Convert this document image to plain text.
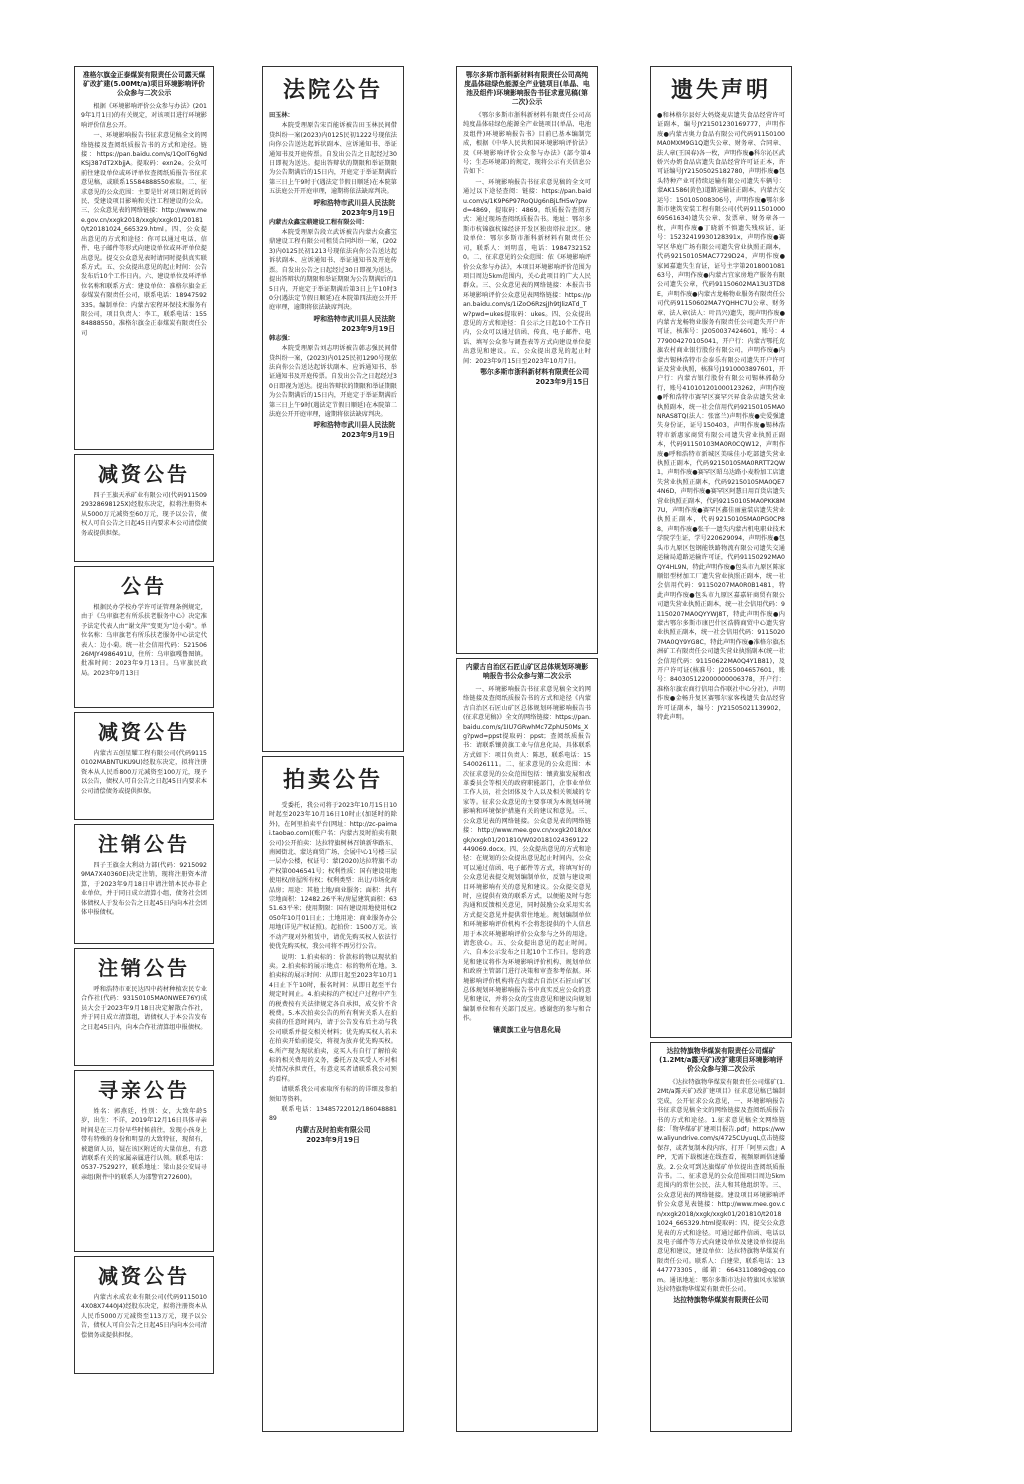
准格尔旗金正泰煤炭有限责任公司露天煤矿改扩建(5.00Mt/a)项目环境影响评价公众参与二次公示

根据《环境影响评价公众参与办法》(2019年1月1日)的有关规定，对该项目进行环境影响评价信息公开。

一、环境影响报告书征求意见稿全文的网络链接及查阅纸质报告书的方式和途径。链接：https://pan.baidu.com/s/1QoIT6gNdKSj387dT2XbjjA。提取码：exn2e。公众可前往建设单位或环评单位查阅纸质报告书征求意见稿，或联系15584888550索取。二、征求意见的公众范围：主要是针对项目附近的居民、受建设项目影响和关注工程建设的公众。三、公众意见表的网络链接：http://www.mee.gov.cn/xxgk2018/xxgk/xxgk01/201810/t20181024_665329.html。四、公众提出意见的方式和途径：你可以通过电话、信件、电子邮件等形式向建设单位或环评单位提出意见。提交公众意见表时请同时提供真实联系方式。五、公众提出意见的起止时间：公告发布后10个工作日内。六、建设单位及环评单位名称和联系方式：建设单位：准格尔旗金正泰煤炭有限责任公司，联系电话：18947592335。编制单位：内蒙古宏程环保技术服务有限公司，项目负责人：李工，联系电话：15584888550。准格尔旗金正泰煤炭有限责任公司

减资公告

四子王旗天承矿业有限公司(代码91150929328698125X)经股东决定，拟将注册资本从5000万元减资至60万元，现予以公告，债权人可自公告之日起45日内要求本公司清偿债务或提供担保。

公告

根据民办学校办学许可证管理条例规定，由于《乌审旗老有所乐扶老服务中心》决定准予法定代表人由“谢文萍”变更为“边小菊”。单位名称：乌审旗老有所乐扶老服务中心法定代表人：边小菊。统一社会信用代码：52150626MJY4986491U，住所：乌审旗嘎鲁图镇。批准时间：2023年9月13日。乌审旗民政局。2023年9月13日

减资公告

内蒙古五创星耀工程有限公司(代码91150102MABNTUKU9U)经股东决定，拟将注册资本从人民币800万元减资至100万元，现予以公告，债权人可自公告之日起45日内要求本公司清偿债务或提供担保。

注销公告

四子王旗金大利动力部(代码：92150929MA7X40360E)决定注销，现将注册资本清算，于2023年9月18日申请注销本民办非企业单位，并于同日成立清算小组，债务社会团体债权人于发布公告之日起45日内向本社会团体申报债权。

注销公告

呼和浩特市亚民达四中药材种植农民专业合作社(代码：93150105MA0NWEE76Y)成员大会于2023年9月18日决定解散合作社，并于同日成立清算组，请债权人于本公告发布之日起45日内，向本合作社清算组申报债权。

寻亲公告

姓名：郭燕廷，性别：女，大致年龄5岁，出生：不详，2019年12月16日具体寻亲时间是在三月份早些时候前往，发现小孩身上带有特殊的身份和明显的大致特征，现留有，被遗留人员，疑在该区附近的大量信息，有意请联系有关的家属亲属进行认领。联系电话：0537-75292??，联系地址：梁山县公安局寻亲组(附件中的联系人为邵警官272600)。

减资公告

内蒙古永成农业有限公司(代码91150104X08X7440J4)经股东决定，拟将注册资本从人民币5000万元减资至113万元，现予以公告，债权人可自公告之日起45日内向本公司清偿债务或提供担保。

法院公告

田玉林：

本院受理原告宋百能诉被告田玉林民间借贷纠纷一案(2023)内0125民初1222号现依法向你公告送达起诉状副本、应诉通知书、举证通知书及开庭传票。自发出公告之日起经过30日即视为送达。提出答辩状的期限和举证期限为公告期满后的15日内，开庭定于举证期满后第三日上午9时于(遇法定节假日顺延)在本院第五法庭公开开庭审理，逾期将依法缺席判决。

呼和浩特市武川县人民法院
2023年9月19日

内蒙古众鑫宝鼎建设工程有限公司：

本院受理原告段立武诉被告内蒙古众鑫宝鼎建设工程有限公司租赁合同纠纷一案，(2023)内0125民初1213号现依法向你公告送达起诉状副本、应诉通知书、举证通知书及开庭传票。自发出公告之日起经过30日即视为送达。提出答辩状的期限和举证期限为公告期满后的15日内，开庭定于举证期满后第3日上午10时30分(遇法定节假日顺延)在本院第四法庭公开开庭审理，逾期将依法缺席判决。

呼和浩特市武川县人民法院
2023年9月19日

韩志强：

本院受理原告刘志明诉被告韩志强民间借贷纠纷一案，(2023)内0125民初1290号现依法向你公告送达起诉状副本、应诉通知书、举证通知书及开庭传票。自发出公告之日起经过30日即视为送达。提出答辩状的期限和举证期限为公告期满后的15日内，开庭定于举证期满后第三日上午9时(遇法定节假日顺延)在本院第二法庭公开开庭审理，逾期将依法缺席判决。

呼和浩特市武川县人民法院
2023年9月19日
拍卖公告

受委托，我公司将于2023年10月15日10时起至2023年10月16日10时止(加延时的除外)，在阿里拍卖平台(网址：http://zc-paimai.taobao.com)(账户名：内蒙古及时拍卖有限公司)公开拍卖：达拉特旗树林召镇新华路东、南园街北、蒙达商贸广场、会展中心1号楼三层一层办公楼，权证号：蒙(2020)达拉特旗不动产权第0046541号；权利性质：国有建设用地使用权/房屋所有权；权利类型：出让/市场化商品房；用途：其他土地/商业服务；面积：共有宗地面积：12482.26平米/房屋建筑面积：6351.63平米；使用期限：国有建设用地使用权2050年10月01日止；土地用途：商业服务办公用地(详见产权证照)。起拍价：1500万元。该不动产现对外租赁中，请优先购买权人依法行使优先购买权，我公司将不再另行公告。

说明：1.拍卖标的：价款标的物以现状拍卖。2.拍卖标的展示地点：标的物所在地。3.拍卖标的展示时间：从即日起至2023年10月14日止下午10时，报名时间：从即日起至平台规定时间止。4.拍卖标的产权过户过程中产生的税费按有关法律规定各自承担，成交价不含税费。5.本次拍卖公告的所有利害关系人在拍卖前的任意时间内，请于公告发布后主动与我公司联系并提交相关材料；优先购买权人若未在拍卖开始前提交，将视为放弃优先购买权。6.所产现为现状拍卖，竞买人有自行了解拍卖标的相关费用的义务，委托方及买受人不对相关情况承担责任，有意竞买者请联系我公司预约看样。

请联系我公司索取所有标的的详细及参拍须知等资料。

联系电话：13485722012/18604888189

内蒙古及时拍卖有限公司
2023年9月19日
鄂尔多斯市浙科新材料有限责任公司高纯度晶体硅绿色能源全产业链项目(单晶、电池及组件)环境影响报告书征求意见稿(第二次)公示

《鄂尔多斯市浙科新材料有限责任公司高纯度晶体硅绿色能源全产业链项目(单晶、电池及组件)环境影响报告书》目前已基本编制完成，根据《中华人民共和国环境影响评价法》及《环境影响评价公众参与办法》(部令第4号；生态环境部)的规定，现将公示有关信息公告如下：

一、环境影响报告书征求意见稿的全文可通过以下途径查阅：链接：https://pan.baidu.com/s/1K9P6P97RoQUg6nBjLfH5w?pwd=4869，提取码：4869。纸质报告查阅方式：通过现场查阅纸质报告书。地址：鄂尔多斯市杭锦旗杭锦经济开发区独贵塔拉北区。建设单位：鄂尔多斯市浙科新材料有限责任公司，联系人：刘明喜，电话：19847321520。二、征求意见的公众范围：依《环境影响评价公众参与办法》，本项目环境影响评价范围为项目周边5km范围内，关心此项目的广大人民群众。三、公众意见表的网络链接：本报告书环境影响评价公众意见表网络链接：https://pan.baidu.com/s/1iZoO6RzsjJh9tJlizATd_Tw?pwd=ukes提取码：ukes。四、公众提出意见的方式和途径：自公示之日起10个工作日内，公众可以通过信函、传真、电子邮件、电话、填写公众参与调查表等方式向建设单位提出意见和建议。五、公众提出意见的起止时间：2023年9月15日至2023年10月7日。

鄂尔多斯市浙科新材料有限责任公司
2023年9月15日
内蒙古自治区石匠山矿区总体规划环境影响报告书公众参与第二次公示

一、环境影响报告书征求意见稿全文的网络链接及查阅纸质报告书的方式和途径《内蒙古自治区石匠山矿区总体规划环境影响报告书(征求意见稿)》全文的网络链接：https://pan.baidu.com/s/1IU7GRwhMc7ZphU50Ms_Xg?pwd=ppst提取码：ppst；查阅纸质报告书：请联系镶黄旗工业与信息化局，具体联系方式如下：项目负责人：陈思，联系电话：15540026111。二、征求意见的公众范围：本次征求意见的公众范围包括：镶黄旗发展和改革委员会等相关的政府职能部门，企事业单位工作人员，社会团体及个人以及相关领域的专家等。征求公众意见的主要事项为本规划环境影响和环境保护措施有关的建议和意见。三、公众意见表的网络链接。公众意见表的网络链接：http://www.mee.gov.cn/xxgk2018/xxgk/xxgk01/201810/W020181024369122449069.docx。四、公众提出意见的方式和途径：在规划的公众提出意见起止时间内，公众可以通过信函、电子邮件等方式，将填写好的公众意见表提交规划编制单位，反馈与建设项目环境影响有关的意见和建议。公众提交意见时，应提供有效的联系方式，以便能及时与您沟通和反馈相关意见，同时鼓励公众采用实名方式提交意见并提供常住地址。规划编制单位和环境影响评价机构不会将您提供的个人信息用于本次环境影响评价公众参与之外的用途。请您放心。五、公众提出意见的起止时间。六、自本公示发布之日起10个工作日。您的意见和建议将作为环境影响评价机构、规划单位和政府主管部门进行决策和审查参考依据。环境影响评价机构将在内蒙古自治区石匠山矿区总体规划环境影响报告书中真实反应公众的意见和建议，并将公众的宝贵意见和建议向规划编制单位和有关部门反应。感谢您的参与和合作。

镶黄旗工业与信息化局
遗失声明

●和林格尔县好大妈烧麦店遗失食品经营许可证副本，编号JY21501230169777，声明作废●内蒙古奥力食品有限公司代码91150100MA0MXM9G1Q遗失公章、财务章、合同章、法人章(王国春)各一枚，声明作废●科尔沁区武娇兴办奶食品店遗失食品经营许可证正本，许可证编号JY21505025182780，声明作废●包头特种产业可持续运输有限公司遗失车辆号：蒙AK1586(黄色)道路运输证正副本，内蒙古交运号：150105008306号，声明作废●鄂尔多斯市建筑安装工程有限公司(代码91150100069561634)遗失公章、发票章、财务章各一枚，声明作废●丁晓新不慎遗失残疾证，证号：15232419930128391x，声明作废●赛罕区华庭广场有限公司遗失营业执照正副本，代码92150105MAC7729D24，声明作废●家园嘉遗失生育证，证号主字第201800108163号，声明作废●内蒙古宜家房地产服务有限公司遗失公章，代码91150602MA13U3TD8E，声明作废●内蒙古龙畅物业服务有限责任公司代码91150602MA7YQHHC7U公章、财务章、法人章(法人：叶昌兴)遗失，现声明作废●内蒙古龙畅物业服务有限责任公司遗失开户许可证，核准号：J2050037424601，账号：4779004270105041，开户行：内蒙古鄂托克旗农村商业银行股份有限公司，声明作废●内蒙古锡林浩特市金泰乐有限公司遗失开户许可证及营业执照，核准号J1910003897601，开户行：内蒙古银行股份有限公司锡林郭勒分行，账号410101201000123262，声明作废●呼和浩特市赛罕区赛罕兴昇食杂店遗失营业执照副本，统一社会信用代码92150105MA0NRAS8TQ(法人：张富兰)声明作废●史爱强遗失身份证，证号150403，声明作废●锡林浩特市新惠家商贸有限公司遗失营业执照正副本，代码91150103MA0R0CQW12，声明作废●呼和浩特市新城区美味佳小吃部遗失营业执照正副本，代码92150105MA0RRTT2QW1，声明作废●赛罕区昭乌达路小麦粉加工店遗失营业执照正副本，代码92150105MA0QE74N6D，声明作废●赛罕区阿慧日用百货店遗失营业执照正副本，代码92150105MA0PKK8M7U，声明作废●赛罕区鑫佳丽童装店遗失营业执照正副本，代码92150105MA0PG0CP88，声明作废●张千一遗失内蒙古机电职业技术学院学生证，学号220629094，声明作废●包头市九原区包钢能铁路物流有限公司遗失交通运输局道路运输许可证，代码91150292MA0QY4HL9N，特此声明作废●包头市九原区陈家顺铝型材加工厂遗失营业执照正副本，统一社会信用代码：91150207MA0R0B1481，特此声明作废●包头市九原区嘉嘉轩商贸有限公司遗失营业执照正副本，统一社会信用代码：91150207MA0QYYWJ8T，特此声明作废●内蒙古鄂尔多斯市康巴什区浩腾商贸中心遗失营业执照正副本，统一社会信用代码：91150207MA0QY9YG8C，特此声明作废●准格尔旗杰洲矿工有限责任公司遗失营业执照副本(统一社会信用代码：91150622MA0Q4Y1B81)，及开户许可证(核准号：J2055004657601，账号：840305122000000006378，开户行：准格尔旗农商行信用合作联社中心分社)，声明作废●金畅升复区赛鄂尔家客栈遗失食品经营许可证副本，编号：JY21505021139902，特此声明。

达拉特旗物华煤炭有限责任公司煤矿(1.2Mt/a露天矿)改扩建项目环境影响评价公众参与第二次公示

《达拉特旗物华煤炭有限责任公司煤矿(1.2Mt/a露天矿)改扩建项目》征求意见稿已编制完成，公开征求公众意见，一、环境影响报告书征求意见稿全文的网络链接及查阅纸质报告书的方式和途径。1.征求意见稿全文网络链接：「物华煤矿扩建项目报告.pdf」https://www.aliyundrive.com/s/4725CUyuqL点击链接保存，或者复制本段内容，打开「阿里云盘」APP，无需下载极速在线查看，视频原画倍速播放。2.公众可到达旗煤矿单位提出查阅纸质报告书。二、征求意见的公众范围项目周边5km范围内的常住公民、法人和其他组织等。三、公众意见表的网络链接。建设项目环境影响评价公众意见表链接：http://www.mee.gov.cn/xxgk2018/xxgk/xxgk01/201810/t20181024_665329.html提取码：四、提交公众意见表的方式和途径。可通过邮件信函、电话以及电子邮件等方式向建设单位及建设单位提出意见和建议，建设单位：达拉特旗物华煤炭有限责任公司。联系人：白建荣，联系电话：13447773305，邮箱：664311089@qq.com。通讯地址：鄂尔多斯市达拉特旗风水梁镇达拉特旗物华煤炭有限责任公司。

达拉特旗物华煤炭有限责任公司
